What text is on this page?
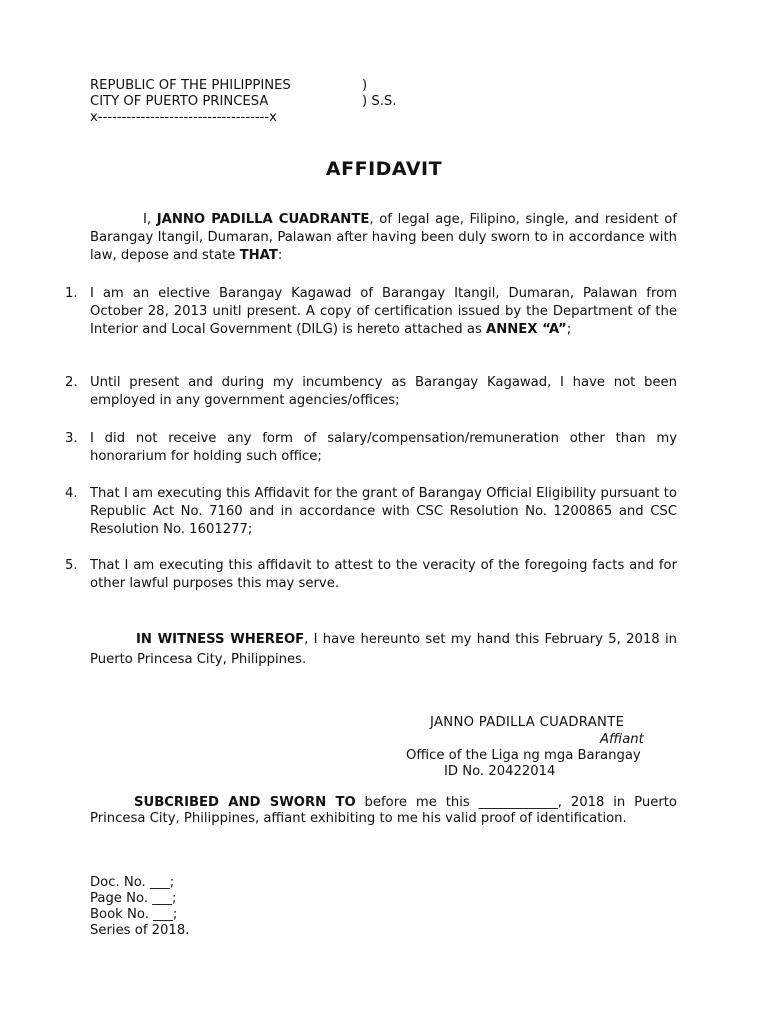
REPUBLIC OF THE PHILIPPINES	)
CITY OF PUERTO PRINCESA	) S.S.
x------------------------------------x
AFFIDAVIT
I, JANNO PADILLA CUADRANTE, of legal age, Filipino, single, and resident of Barangay Itangil, Dumaran, Palawan after having been duly sworn to in accordance with law, depose and state THAT:
1. I am an elective Barangay Kagawad of Barangay Itangil, Dumaran, Palawan from October 28, 2013 unitl present. A copy of certification issued by the Department of the Interior and Local Government (DILG) is hereto attached as ANNEX “A”;
2. Until present and during my incumbency as Barangay Kagawad, I have not been employed in any government agencies/offices;
3. I did not receive any form of salary/compensation/remuneration other than my honorarium for holding such office;
4. That I am executing this Affidavit for the grant of Barangay Official Eligibility pursuant to Republic Act No. 7160 and in accordance with CSC Resolution No. 1200865 and CSC Resolution No. 1601277;
5. That I am executing this affidavit to attest to the veracity of the foregoing facts and for other lawful purposes this may serve.
IN WITNESS WHEREOF, I have hereunto set my hand this February 5, 2018 in Puerto Princesa City, Philippines.
JANNO PADILLA CUADRANTE
Affiant
Office of the Liga ng mga Barangay
ID No. 20422014
SUBCRIBED AND SWORN TO before me this ____________, 2018 in Puerto Princesa City, Philippines, affiant exhibiting to me his valid proof of identification.
Doc. No. ___;
Page No. ___;
Book No. ___;
Series of 2018.
